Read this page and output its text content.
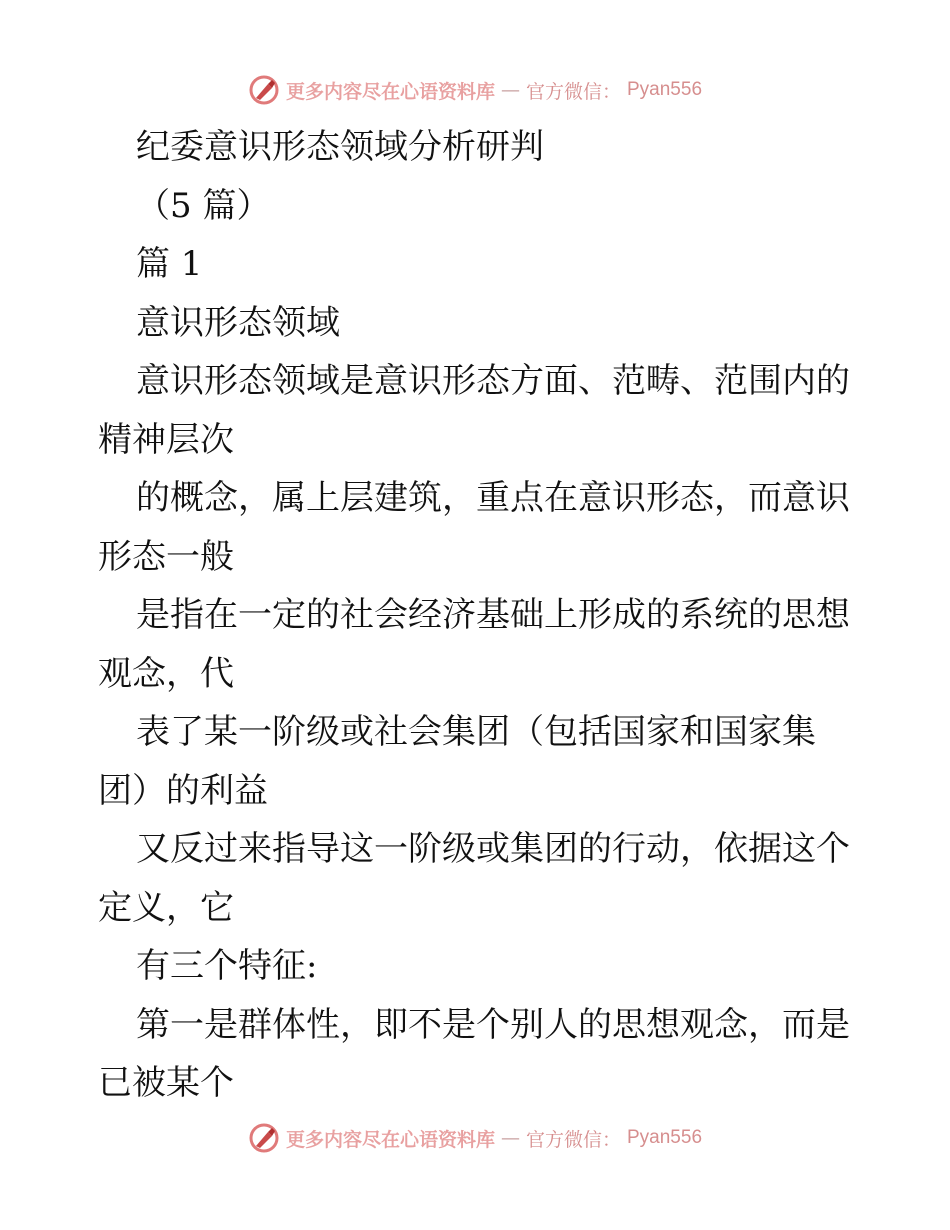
更多内容尽在心语资料库 — 官方微信： Pyan556
纪委意识形态领域分析研判
（5 篇）
篇 1
意识形态领域
意识形态领域是意识形态方面、范畴、范围内的
精神层次
的概念，属上层建筑，重点在意识形态，而意识
形态一般
是指在一定的社会经济基础上形成的系统的思想
观念，代
表了某一阶级或社会集团（包括国家和国家集
团）的利益
又反过来指导这一阶级或集团的行动，依据这个
定义，它
有三个特征:
第一是群体性，即不是个别人的思想观念，而是
已被某个
更多内容尽在心语资料库 — 官方微信： Pyan556
